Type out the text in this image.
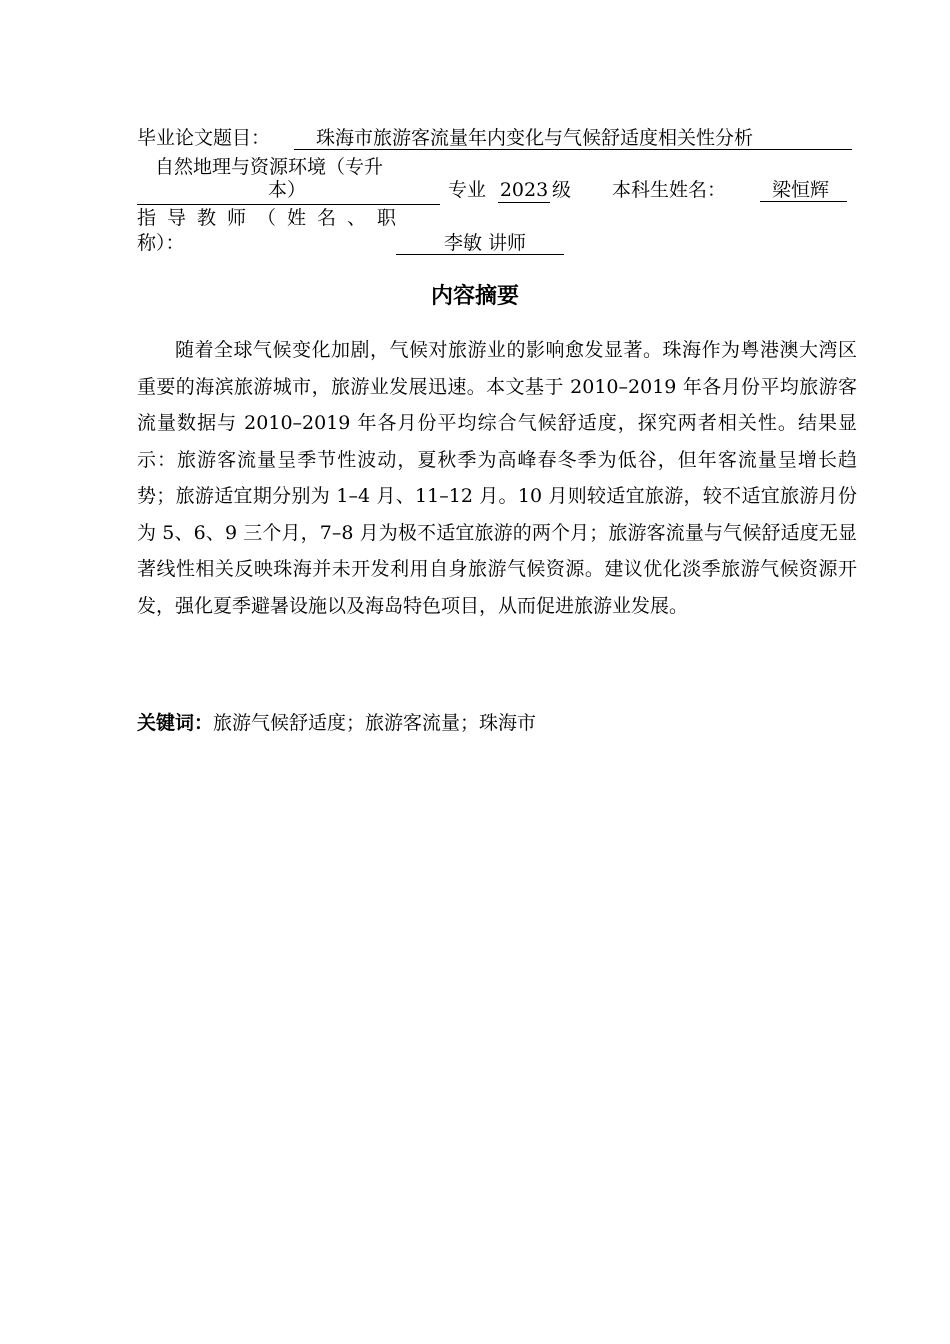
毕业论文题目：	珠海市旅游客流量年内变化与气候舒适度相关性分析
自然地理与资源环境（专升
本）	专业 2023 级 本科生姓名：	梁恒辉
指导教师（姓名、职
称）：	李敏 讲师
内容摘要

随着全球气候变化加剧，气候对旅游业的影响愈发显著。珠海作为粤港澳大湾区重要的海滨旅游城市，旅游业发展迅速。本文基于 2010–2019 年各月份平均旅游客流量数据与 2010–2019 年各月份平均综合气候舒适度，探究两者相关性。结果显示：旅游客流量呈季节性波动，夏秋季为高峰春冬季为低谷，但年客流量呈增长趋势；旅游适宜期分别为 1–4 月、11–12 月。10 月则较适宜旅游，较不适宜旅游月份为 5、6、9 三个月，7–8 月为极不适宜旅游的两个月；旅游客流量与气候舒适度无显著线性相关反映珠海并未开发利用自身旅游气候资源。建议优化淡季旅游气候资源开发，强化夏季避暑设施以及海岛特色项目，从而促进旅游业发展。

关键词：旅游气候舒适度；旅游客流量；珠海市
